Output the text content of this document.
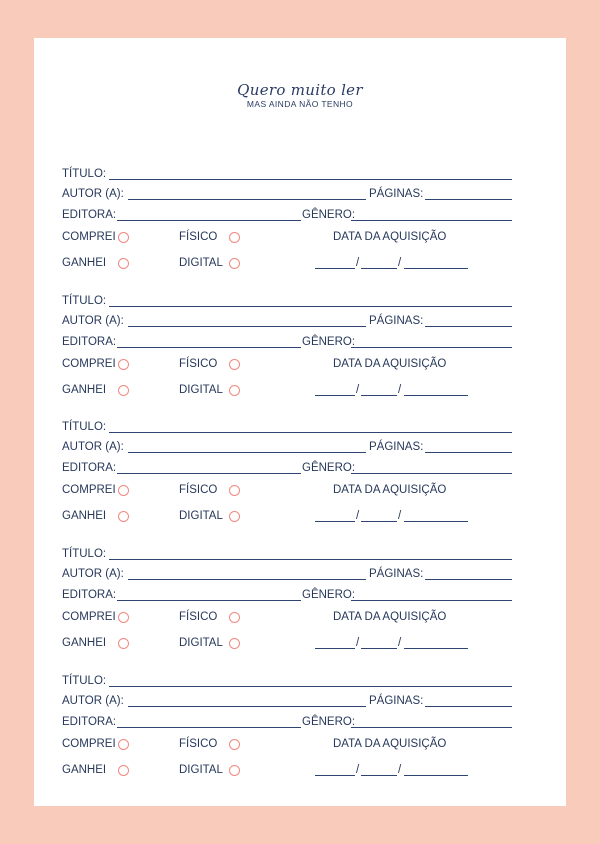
Quero muito ler
MAS AINDA NÃO TENHO
TÍTULO:
AUTOR (A):	PÁGINAS:
EDITORA:	GÊNERO:
COMPREI	FÍSICO	DATA DA AQUISIÇÃO
GANHEI	DIGITAL	/	/
TÍTULO:
AUTOR (A):	PÁGINAS:
EDITORA:	GÊNERO:
COMPREI	FÍSICO	DATA DA AQUISIÇÃO
GANHEI	DIGITAL	/	/
TÍTULO:
AUTOR (A):	PÁGINAS:
EDITORA:	GÊNERO:
COMPREI	FÍSICO	DATA DA AQUISIÇÃO
GANHEI	DIGITAL	/	/
TÍTULO:
AUTOR (A):	PÁGINAS:
EDITORA:	GÊNERO:
COMPREI	FÍSICO	DATA DA AQUISIÇÃO
GANHEI	DIGITAL	/	/
TÍTULO:
AUTOR (A):	PÁGINAS:
EDITORA:	GÊNERO:
COMPREI	FÍSICO	DATA DA AQUISIÇÃO
GANHEI	DIGITAL	/	/
